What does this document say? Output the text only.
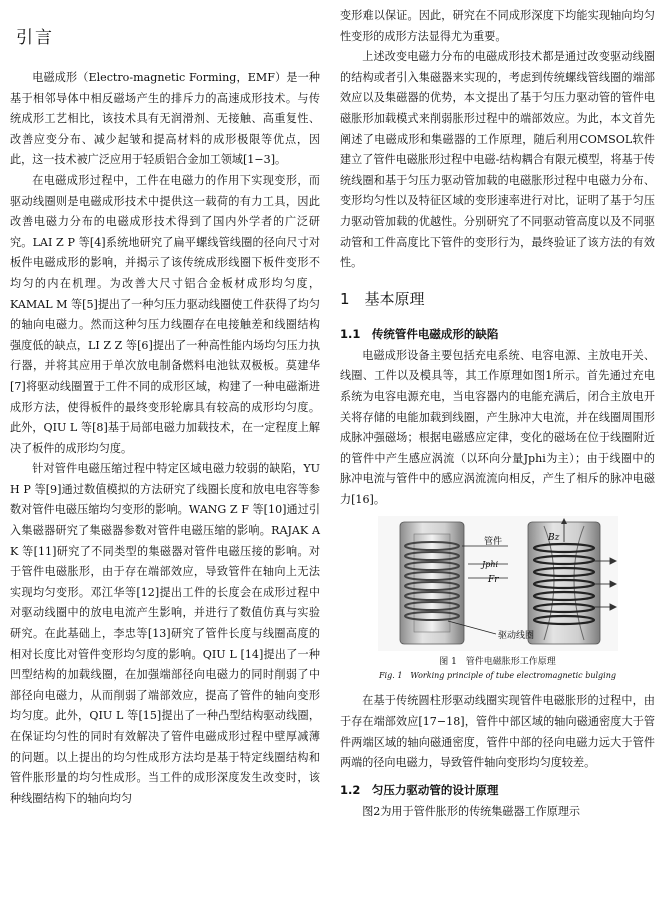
引言

电磁成形（Electro-magnetic Forming，EMF）是一种基于相邻导体中相反磁场产生的排斥力的高速成形技术。与传统成形工艺相比，该技术具有无润滑剂、无接触、高重复性、改善应变分布、减少起皱和提高材料的成形极限等优点，因此，这一技术被广泛应用于轻质铝合金加工领域[1−3]。

在电磁成形过程中，工件在电磁力的作用下实现变形，而驱动线圈则是电磁成形技术中提供这一载荷的有力工具，因此改善电磁力分布的电磁成形技术得到了国内外学者的广泛研究。LAI Z P 等[4]系统地研究了扁平螺线管线圈的径向尺寸对板件电磁成形的影响，并揭示了该传统成形线圈下板件变形不均匀的内在机理。为改善大尺寸铝合金板材成形均匀度，KAMAL M 等[5]提出了一种匀压力驱动线圈使工件获得了均匀的轴向电磁力。然而这种匀压力线圈存在电接触差和线圈结构强度低的缺点，LI Z Z 等[6]提出了一种高性能内场均匀压力执行器，并将其应用于单次放电制备燃料电池钛双极板。莫建华[7]将驱动线圈置于工件不同的成形区域，构建了一种电磁渐进成形方法，使得板件的最终变形轮廓具有较高的成形均匀度。此外，QIU L 等[8]基于局部电磁力加载技术，在一定程度上解决了板件的成形均匀度。

针对管件电磁压缩过程中特定区域电磁力较弱的缺陷，YU H P 等[9]通过数值模拟的方法研究了线圈长度和放电电容等参数对管件电磁压缩均匀变形的影响。WANG Z F 等[10]通过引入集磁器研究了集磁器参数对管件电磁压缩的影响。RAJAK A K 等[11]研究了不同类型的集磁器对管件电磁压接的影响。对于管件电磁胀形，由于存在端部效应，导致管件在轴向上无法实现均匀变形。邓江华等[12]提出工件的长度会在成形过程中对驱动线圈中的放电电流产生影响，并进行了数值仿真与实验研究。在此基础上，李忠等[13]研究了管件长度与线圈高度的相对长度比对管件变形均匀度的影响。QIU L [14]提出了一种凹型结构的加载线圈，在加强端部径向电磁力的同时削弱了中部径向电磁力，从而削弱了端部效应，提高了管件的轴向变形均匀度。此外，QIU L 等[15]提出了一种凸型结构驱动线圈，在保证均匀性的同时有效解决了管件电磁成形过程中壁厚减薄的问题。以上提出的均匀性成形方法均是基于特定线圈结构和管件胀形量的均匀性成形。当工件的成形深度发生改变时，该种线圈结构下的轴向均匀

变形难以保证。因此，研究在不同成形深度下均能实现轴向均匀性变形的成形方法显得尤为重要。

上述改变电磁力分布的电磁成形技术都是通过改变驱动线圈的结构或者引入集磁器来实现的，考虑到传统螺线管线圈的端部效应以及集磁器的优势，本文提出了基于匀压力驱动管的管件电磁胀形加载模式来削弱胀形过程中的端部效应。为此，本文首先阐述了电磁成形和集磁器的工作原理，随后利用COMSOL软件建立了管件电磁胀形过程中电磁-结构耦合有限元模型，将基于传统线圈和基于匀压力驱动管加载的电磁胀形过程中电磁力分布、变形均匀性以及特征区域的变形速率进行对比，证明了基于匀压力驱动管加载的优越性。分别研究了不同驱动管高度以及不同驱动管和工件高度比下管件的变形行为，最终验证了该方法的有效性。

1　基本原理
1.1　传统管件电磁成形的缺陷

电磁成形设备主要包括充电系统、电容电源、主放电开关、线圈、工件以及模具等，其工作原理如图1所示。首先通过充电系统为电容电源充电，当电容器内的电能充满后，闭合主放电开关将存储的电能加载到线圈，产生脉冲大电流，并在线圈周围形成脉冲强磁场；根据电磁感应定律，变化的磁场在位于线圈附近的管件中产生感应涡流（以环向分量Jphi为主）；由于线圈中的脉冲电流与管件中的感应涡流流向相反，产生了相斥的脉冲电磁力[16]。

管件	Bz
Jphi
Fr
驱动线圈
图 1　管件电磁胀形工作原理
Fig. 1　Working principle of tube electromagnetic bulging

在基于传统圆柱形驱动线圈实现管件电磁胀形的过程中，由于存在端部效应[17−18]，管件中部区域的轴向磁通密度大于管件两端区域的轴向磁通密度，管件中部的径向电磁力远大于管件两端的径向电磁力，导致管件轴向变形均匀度较差。

1.2　匀压力驱动管的设计原理

图2为用于管件胀形的传统集磁器工作原理示
